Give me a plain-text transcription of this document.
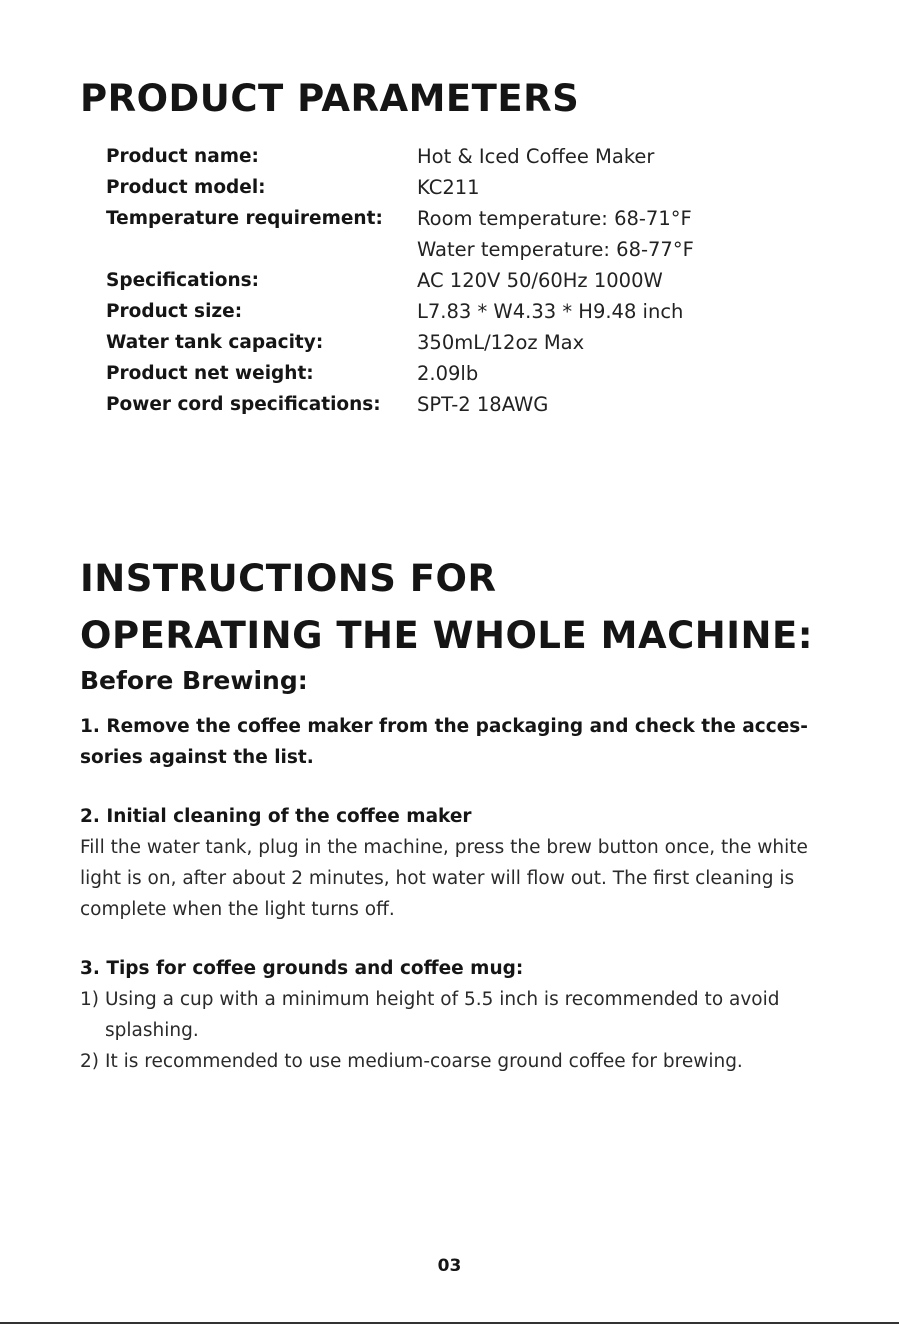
PRODUCT PARAMETERS
Product name:	Hot & Iced Coffee Maker
Product model:	KC211
Temperature requirement: Room temperature: 68-71°F
Water temperature: 68-77°F
Specifications:	AC 120V 50/60Hz 1000W
Product size:	L7.83 * W4.33 * H9.48 inch
Water tank capacity:	350mL/12oz Max
Product net weight:	2.09lb
Power cord specifications: SPT-2 18AWG
INSTRUCTIONS FOR
OPERATING THE WHOLE MACHINE:
Before Brewing:

1. Remove the coffee maker from the packaging and check the acces-sories against the list.

2. Initial cleaning of the coffee maker

Fill the water tank, plug in the machine, press the brew button once, the white light is on, after about 2 minutes, hot water will flow out. The first cleaning is complete when the light turns off.

3. Tips for coffee grounds and coffee mug:

1) Using a cup with a minimum height of 5.5 inch is recommended to avoid splashing.
2) It is recommended to use medium-coarse ground coffee for brewing.
03
